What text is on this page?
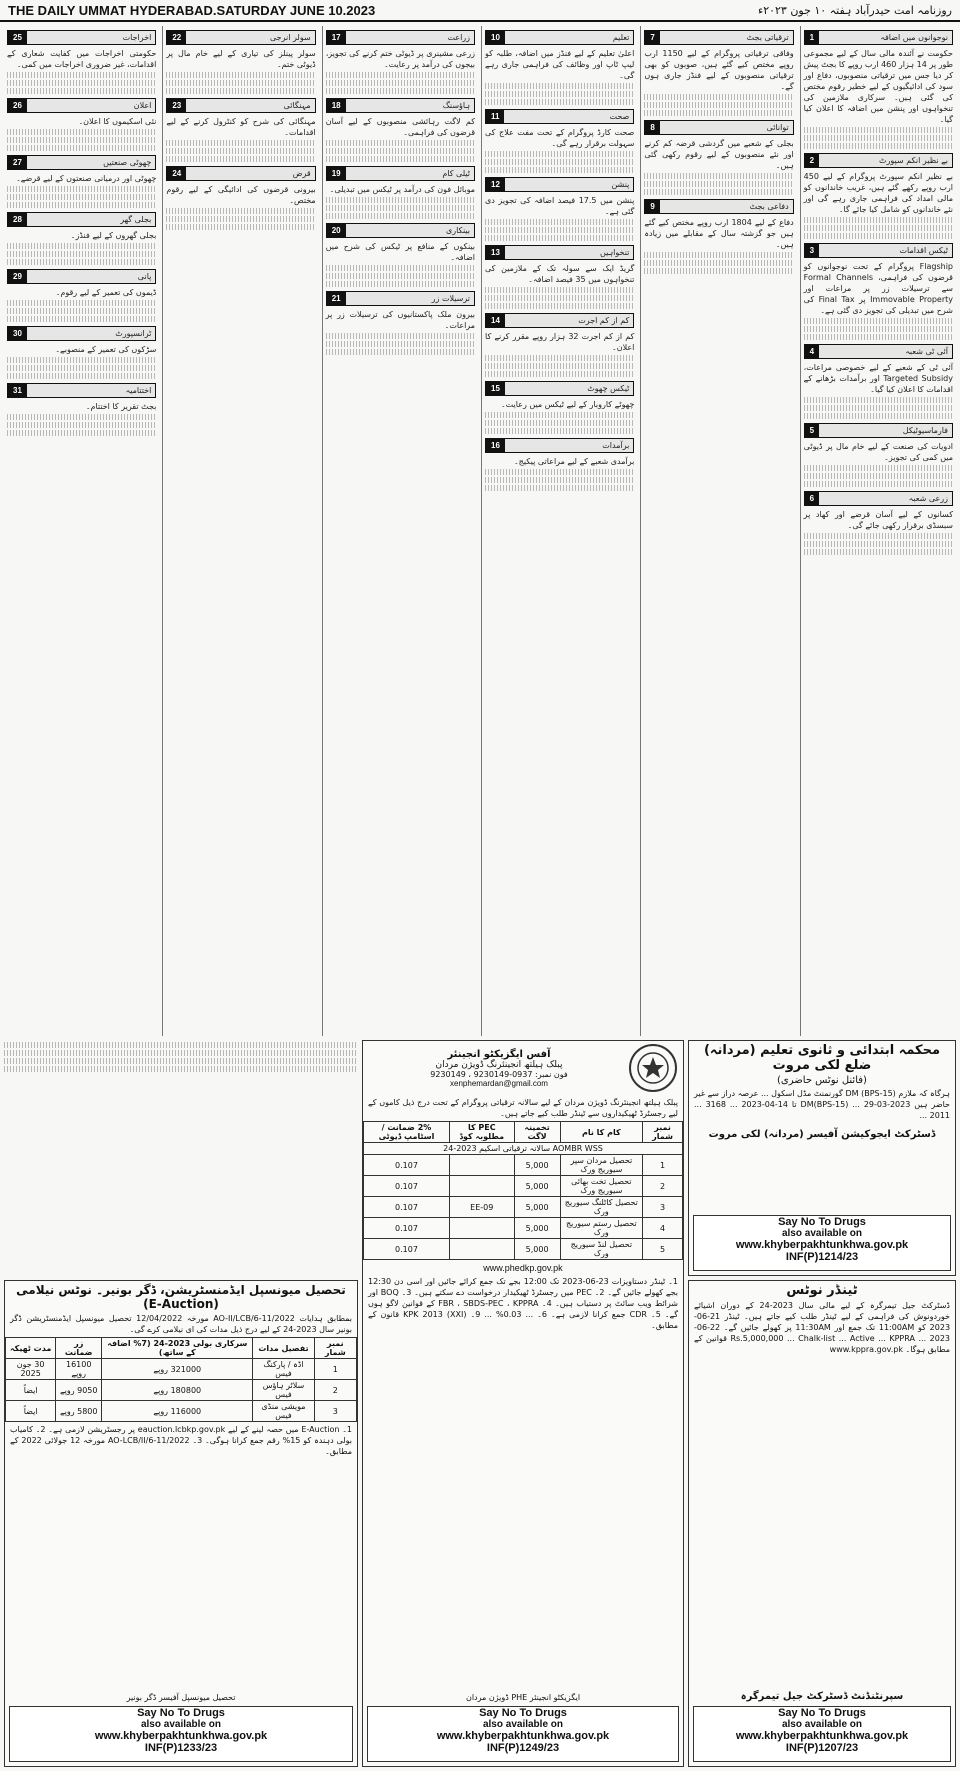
THE DAILY UMMAT HYDERABAD.SATURDAY JUNE 10.2023	روزنامہ امت حیدرآباد ہفتہ ۱۰ جون ۲۰۲۳ء
نوجوانوں میں اضافہ
1
حکومت نے آئندہ مالی سال کے لیے مجموعی طور پر 14 ہزار 460 ارب روپے کا بجٹ پیش کر دیا جس میں ترقیاتی منصوبوں، دفاع اور سود کی ادائیگیوں کے لیے خطیر رقوم مختص کی گئی ہیں۔ سرکاری ملازمین کی تنخواہوں اور پنشن میں اضافہ کا اعلان کیا گیا۔
بے نظیر انکم سپورٹ
2
بے نظیر انکم سپورٹ پروگرام کے لیے 450 ارب روپے رکھے گئے ہیں، غریب خاندانوں کو مالی امداد کی فراہمی جاری رہے گی اور نئے خاندانوں کو شامل کیا جائے گا۔
ٹیکس اقدامات
3
Flagship پروگرام کے تحت نوجوانوں کو قرضوں کی فراہمی، Formal Channels سے ترسیلات زر پر مراعات اور Immovable Property پر Final Tax کی شرح میں تبدیلی کی تجویز دی گئی ہے۔
آئی ٹی شعبہ
4
آئی ٹی کے شعبے کے لیے خصوصی مراعات، Targeted Subsidy اور برآمدات بڑھانے کے اقدامات کا اعلان کیا گیا۔
فارماسیوٹیکل
5
ادویات کی صنعت کے لیے خام مال پر ڈیوٹی میں کمی کی تجویز۔
زرعی شعبہ
6
کسانوں کے لیے آسان قرضے اور کھاد پر سبسڈی برقرار رکھی جائے گی۔
ترقیاتی بجٹ
7
وفاقی ترقیاتی پروگرام کے لیے 1150 ارب روپے مختص کیے گئے ہیں، صوبوں کو بھی ترقیاتی منصوبوں کے لیے فنڈز جاری ہوں گے۔
توانائی
8
بجلی کے شعبے میں گردشی قرضہ کم کرنے اور نئے منصوبوں کے لیے رقوم رکھی گئی ہیں۔
دفاعی بجٹ
9
دفاع کے لیے 1804 ارب روپے مختص کیے گئے ہیں جو گزشتہ سال کے مقابلے میں زیادہ ہیں۔
تعلیم
10
اعلیٰ تعلیم کے لیے فنڈز میں اضافہ، طلبہ کو لیپ ٹاپ اور وظائف کی فراہمی جاری رہے گی۔
صحت
11
صحت کارڈ پروگرام کے تحت مفت علاج کی سہولت برقرار رہے گی۔
پنشن
12
پنشن میں 17.5 فیصد اضافہ کی تجویز دی گئی ہے۔
تنخواہیں
13
گریڈ ایک سے سولہ تک کے ملازمین کی تنخواہوں میں 35 فیصد اضافہ۔
کم از کم اجرت
14
کم از کم اجرت 32 ہزار روپے مقرر کرنے کا اعلان۔
ٹیکس چھوٹ
15
چھوٹے کاروبار کے لیے ٹیکس میں رعایت۔
برآمدات
16
برآمدی شعبے کے لیے مراعاتی پیکیج۔
زراعت
17
زرعی مشینری پر ڈیوٹی ختم کرنے کی تجویز، بیجوں کی درآمد پر رعایت۔
ہاؤسنگ
18
کم لاگت رہائشی منصوبوں کے لیے آسان قرضوں کی فراہمی۔
ٹیلی کام
19
موبائل فون کی درآمد پر ٹیکس میں تبدیلی۔
بینکاری
20
بینکوں کے منافع پر ٹیکس کی شرح میں اضافہ۔
ترسیلات زر
21
بیرون ملک پاکستانیوں کی ترسیلات زر پر مراعات۔
سولر انرجی
22
سولر پینلز کی تیاری کے لیے خام مال پر ڈیوٹی ختم۔
مہنگائی
23
مہنگائی کی شرح کو کنٹرول کرنے کے لیے اقدامات۔
قرض
24
بیرونی قرضوں کی ادائیگی کے لیے رقوم مختص۔
اخراجات
25
حکومتی اخراجات میں کفایت شعاری کے اقدامات، غیر ضروری اخراجات میں کمی۔
اعلان
26
نئی اسکیموں کا اعلان۔
چھوٹی صنعتیں
27
چھوٹی اور درمیانی صنعتوں کے لیے قرضے۔
بجلی گھر
28
بجلی گھروں کے لیے فنڈز۔
پانی
29
ڈیموں کی تعمیر کے لیے رقوم۔
ٹرانسپورٹ
30
سڑکوں کی تعمیر کے منصوبے۔
اختتامیہ
31
بجٹ تقریر کا اختتام۔
محکمہ ابتدائی و ثانوی تعلیم (مردانہ) ضلع لکی مروت
(فائنل نوٹس حاضری)

ہرگاہ کہ ملازم DM (BPS-15) گورنمنٹ مڈل اسکول ... عرصہ دراز سے غیر حاضر ہیں DM(BPS-15) ... 29-03-2023 تا 14-04-2023 ... 3168 ... 2011 ...

ڈسٹرکٹ ایجوکیشن آفیسر (مردانہ) لکی مروت
Say No To Drugs
also available on
www.khyberpakhtunkhwa.gov.pk
INF(P)1214/23
آفس ایگزیکٹو انجینئر
پبلک ہیلتھ انجینئرنگ ڈویژن مردان
فون نمبر: 0937-9230149 ، 9230149
xenphemardan@gmail.com

پبلک ہیلتھ انجینئرنگ ڈویژن مردان کے لیے سالانہ ترقیاتی پروگرام کے تحت درج ذیل کاموں کے لیے رجسٹرڈ ٹھیکیداروں سے ٹینڈر طلب کیے جاتے ہیں۔

نمبر شمار	کام کا نام	تخمینہ لاگت	PEC کا مطلوبہ کوڈ	2% ضمانت / اسٹامپ ڈیوٹی
AOMBR WSS سالانہ ترقیاتی اسکیم 2023-24				
1	تحصیل مردان سپر سیوریج ورک	5,000		0.107
2	تحصیل تخت بھائی سیوریج ورک	5,000		0.107
3	تحصیل کاٹلنگ سیوریج ورک	5,000	EE-09	0.107
4	تحصیل رستم سیوریج ورک	5,000		0.107
5	تحصیل لنڈ سیوریج ورک	5,000		0.107
www.phedkp.gov.pk

1۔ ٹینڈر دستاویزات 23-06-2023 تک 12:00 بجے تک جمع کرائے جائیں اور اسی دن 12:30 بجے کھولے جائیں گے۔ 2۔ PEC میں رجسٹرڈ ٹھیکیدار درخواست دے سکتے ہیں۔ 3۔ BOQ اور شرائط ویب سائٹ پر دستیاب ہیں۔ 4۔ FBR ، SBDS-PEC ، KPPRA کے قوانین لاگو ہوں گے۔ 5۔ CDR جمع کرانا لازمی ہے۔ 6۔ ... 0.03% ... 9۔ KPK 2013 (XXI) قانون کے مطابق۔

ایگزیکٹو انجینئر PHE ڈویژن مردان
Say No To Drugs
also available on
www.khyberpakhtunkhwa.gov.pk
INF(P)1249/23
تحصیل میونسپل ایڈمنسٹریشن، ڈگر بونیر۔ نوٹس نیلامی (E-Auction)

بمطابق ہدایات AO-II/LCB/6-11/2022 مورخہ 12/04/2022 تحصیل میونسپل ایڈمنسٹریشن ڈگر بونیر سال 2023-24 کے لیے درج ذیل مدات کی ای نیلامی کرے گی۔

نمبر شمار	تفصیل مدات	سرکاری بولی 2023-24 (7% اضافہ کے ساتھ)	زر ضمانت	مدت ٹھیکہ
1	اڈہ / پارکنگ فیس	321000 روپے	16100 روپے	30 جون 2025
2	سلاٹر ہاؤس فیس	180800 روپے	9050 روپے	ایضاً
3	مویشی منڈی فیس	116000 روپے	5800 روپے	ایضاً

1۔ E-Auction میں حصہ لینے کے لیے eauction.lcbkp.gov.pk پر رجسٹریشن لازمی ہے۔ 2۔ کامیاب بولی دہندہ کو 15% رقم جمع کرانا ہوگی۔ 3۔ AO-LCB/II/6-11/2022 مورخہ 12 جولائی 2022 کے مطابق۔

تحصیل میونسپل آفیسر ڈگر بونیر
Say No To Drugs
also available on
www.khyberpakhtunkhwa.gov.pk
INF(P)1233/23
ٹینڈر نوٹس

ڈسٹرکٹ جیل تیمرگرہ کے لیے مالی سال 2023-24 کے دوران اشیائے خوردونوش کی فراہمی کے لیے ٹینڈر طلب کیے جاتے ہیں۔ ٹینڈر 21-06-2023 کو 11:00AM تک جمع اور 11:30AM پر کھولے جائیں گے۔ 22-06-2023 ... Rs.5,000,000 ... Chalk-list ... Active ... KPPRA قوانین کے مطابق ہوگا۔ www.kppra.gov.pk

سپرنٹنڈنٹ ڈسٹرکٹ جیل تیمرگرہ
Say No To Drugs
also available on
www.khyberpakhtunkhwa.gov.pk
INF(P)1207/23
